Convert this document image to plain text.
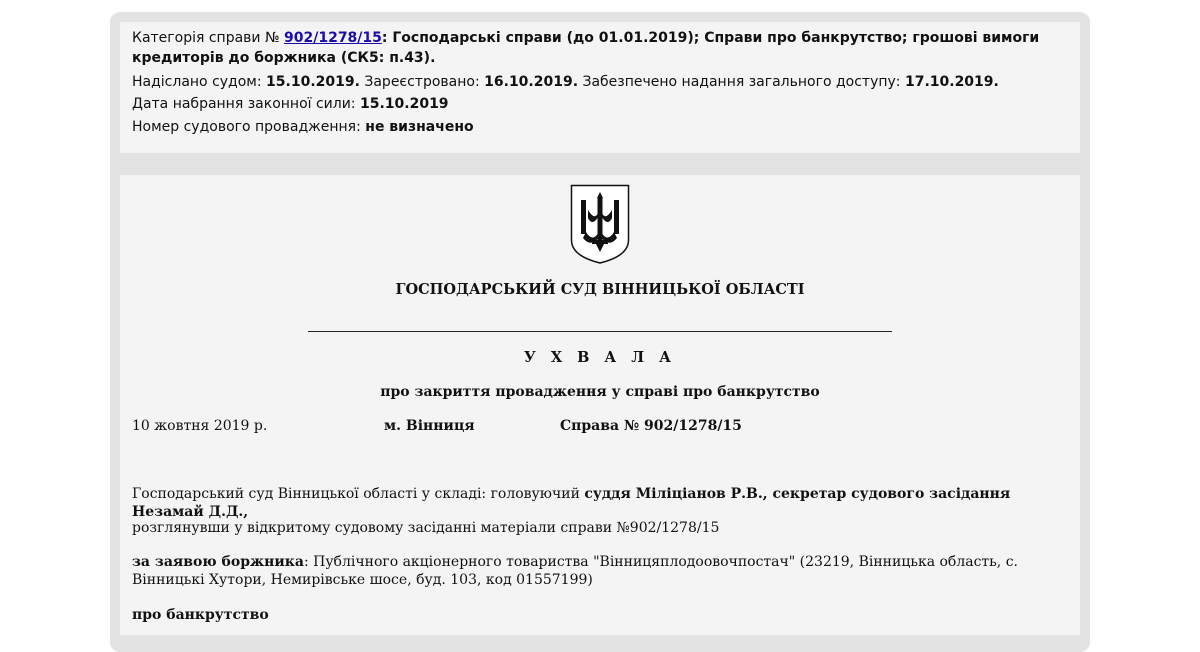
Категорія справи № 902/1278/15: Господарські справи (до 01.01.2019); Справи про банкрутство; грошові вимоги кредиторів до боржника (СК5: п.43).
Надіслано судом: 15.10.2019. Зареєстровано: 16.10.2019. Забезпечено надання загального доступу: 17.10.2019.
Дата набрання законної сили: 15.10.2019
Номер судового провадження: не визначено
ГОСПОДАРСЬКИЙ СУД ВІННИЦЬКОЇ ОБЛАСТІ
У Х В А Л А
про закриття провадження у справі про банкрутство
10 жовтня 2019 р.	м. Вінниця	Справа № 902/1278/15
Господарський суд Вінницької області у складі: головуючий суддя Міліціанов Р.В., секретар судового засідання Незамай Д.Д.,
розглянувши у відкритому судовому засіданні матеріали справи №902/1278/15
за заявою боржника: Публічного акціонерного товариства "Вінницяплодоовочпостач" (23219, Вінницька область, с. Вінницькі Хутори, Немирівське шосе, буд. 103, код 01557199)
про банкрутство
